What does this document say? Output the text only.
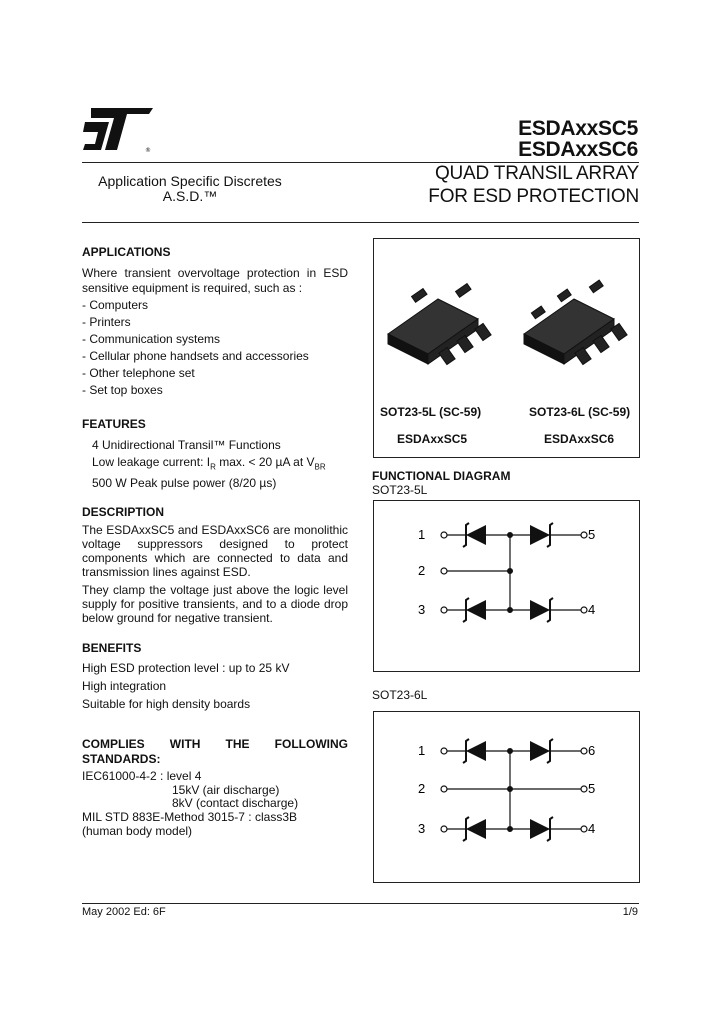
®
ESDAxxSC5
ESDAxxSC6
QUAD TRANSIL ARRAY
FOR ESD PROTECTION
Application Specific Discretes
A.S.D.™

APPLICATIONS

Where transient overvoltage protection in ESD sensitive equipment is required, such as :

- Computers

- Printers

- Communication systems

- Cellular phone handsets and accessories

- Other telephone set

- Set top boxes

FEATURES

4 Unidirectional Transil™ Functions

Low leakage current: $I_R$ max. < 20 µA at $V_{BR}$

500 W Peak pulse power (8/20 µs)

DESCRIPTION

The ESDAxxSC5 and ESDAxxSC6 are monolithic voltage suppressors designed to protect components which are connected to data and transmission lines against ESD.

They clamp the voltage just above the logic level supply for positive transients, and to a diode drop below ground for negative transient.

BENEFITS

High ESD protection level : up to 25 kV

High integration

Suitable for high density boards

COMPLIES WITH THE FOLLOWING STANDARDS:

IEC61000-4-2 : level 4

15kV (air discharge)

8kV (contact discharge)

MIL STD 883E-Method 3015-7 : class3B

(human body model)

SOT23-5L (SC-59)
ESDAxxSC5
SOT23-6L (SC-59)
ESDAxxSC6
FUNCTIONAL DIAGRAM
SOT23-5L
1
2
3
5
4
SOT23-6L
1
2
3
6
5
4
May 2002 Ed: 6F	1/9
